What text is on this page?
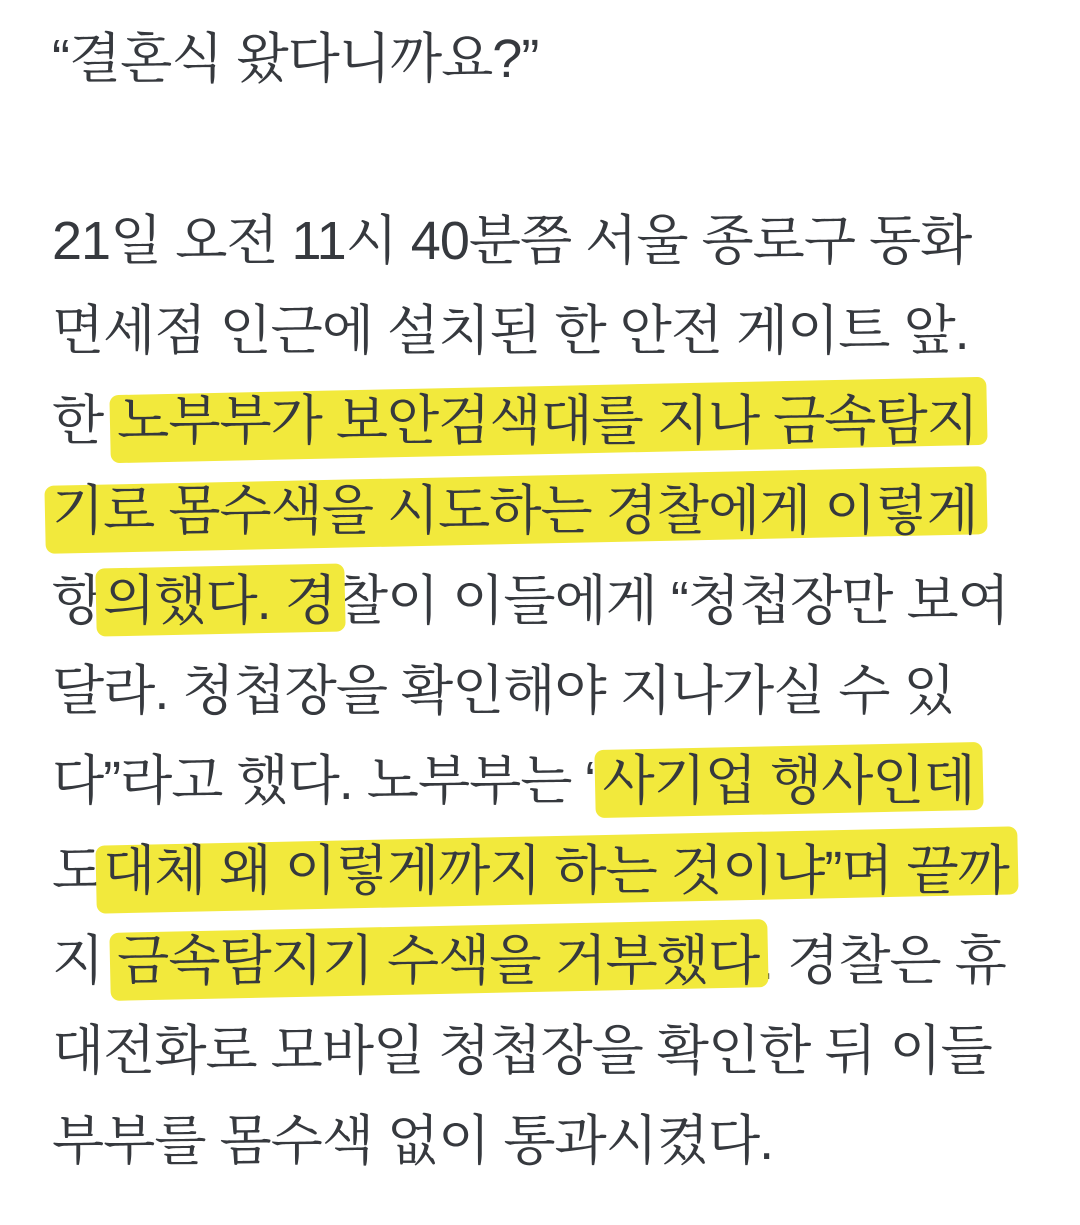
“결혼식 왔다니까요?”

21일 오전 11시 40분쯤 서울 종로구 동화

면세점 인근에 설치된 한 안전 게이트 앞.

한 노부부가 보안검색대를 지나 금속탐지

기로 몸수색을 시도하는 경찰에게 이렇게

항의했다. 경찰이 이들에게 “청첩장만 보여

달라. 청첩장을 확인해야 지나가실 수 있

다”라고 했다. 노부부는 “사기업 행사인데

도대체 왜 이렇게까지 하는 것이냐”며 끝까

지 금속탐지기 수색을 거부했다. 경찰은 휴

대전화로 모바일 청첩장을 확인한 뒤 이들

부부를 몸수색 없이 통과시켰다.
